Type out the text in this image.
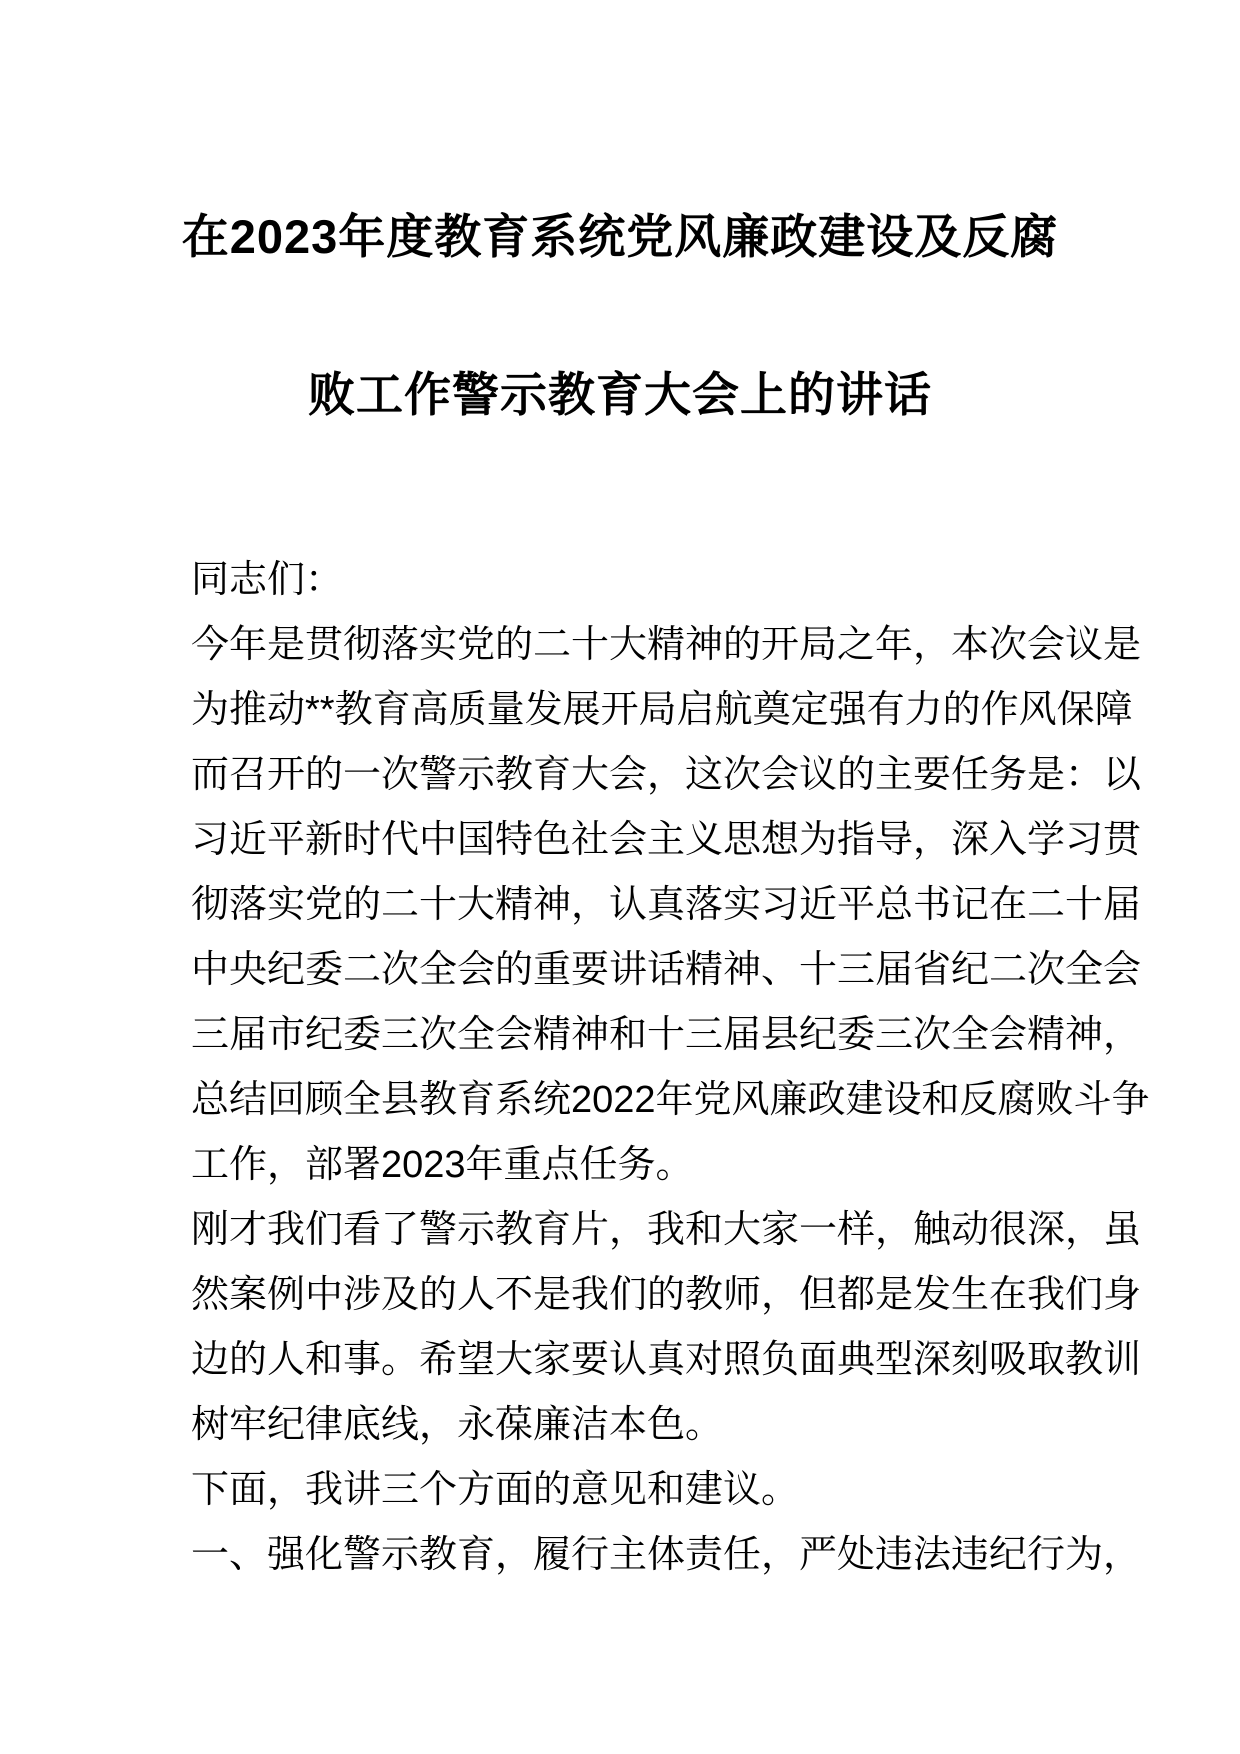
在2023年度教育系统党风廉政建设及反腐
败工作警示教育大会上的讲话
同志们：
今年是贯彻落实党的二十大精神的开局之年，本次会议是
为推动**教育高质量发展开局启航奠定强有力的作风保障
而召开的一次警示教育大会，这次会议的主要任务是：以
习近平新时代中国特色社会主义思想为指导，深入学习贯
彻落实党的二十大精神，认真落实习近平总书记在二十届
中央纪委二次全会的重要讲话精神、十三届省纪二次全会
三届市纪委三次全会精神和十三届县纪委三次全会精神，
总结回顾全县教育系统2022年党风廉政建设和反腐败斗争
工作，部署2023年重点任务。
刚才我们看了警示教育片，我和大家一样，触动很深，虽
然案例中涉及的人不是我们的教师，但都是发生在我们身
边的人和事。希望大家要认真对照负面典型深刻吸取教训
树牢纪律底线，永葆廉洁本色。
下面，我讲三个方面的意见和建议。
一、强化警示教育，履行主体责任，严处违法违纪行为，
